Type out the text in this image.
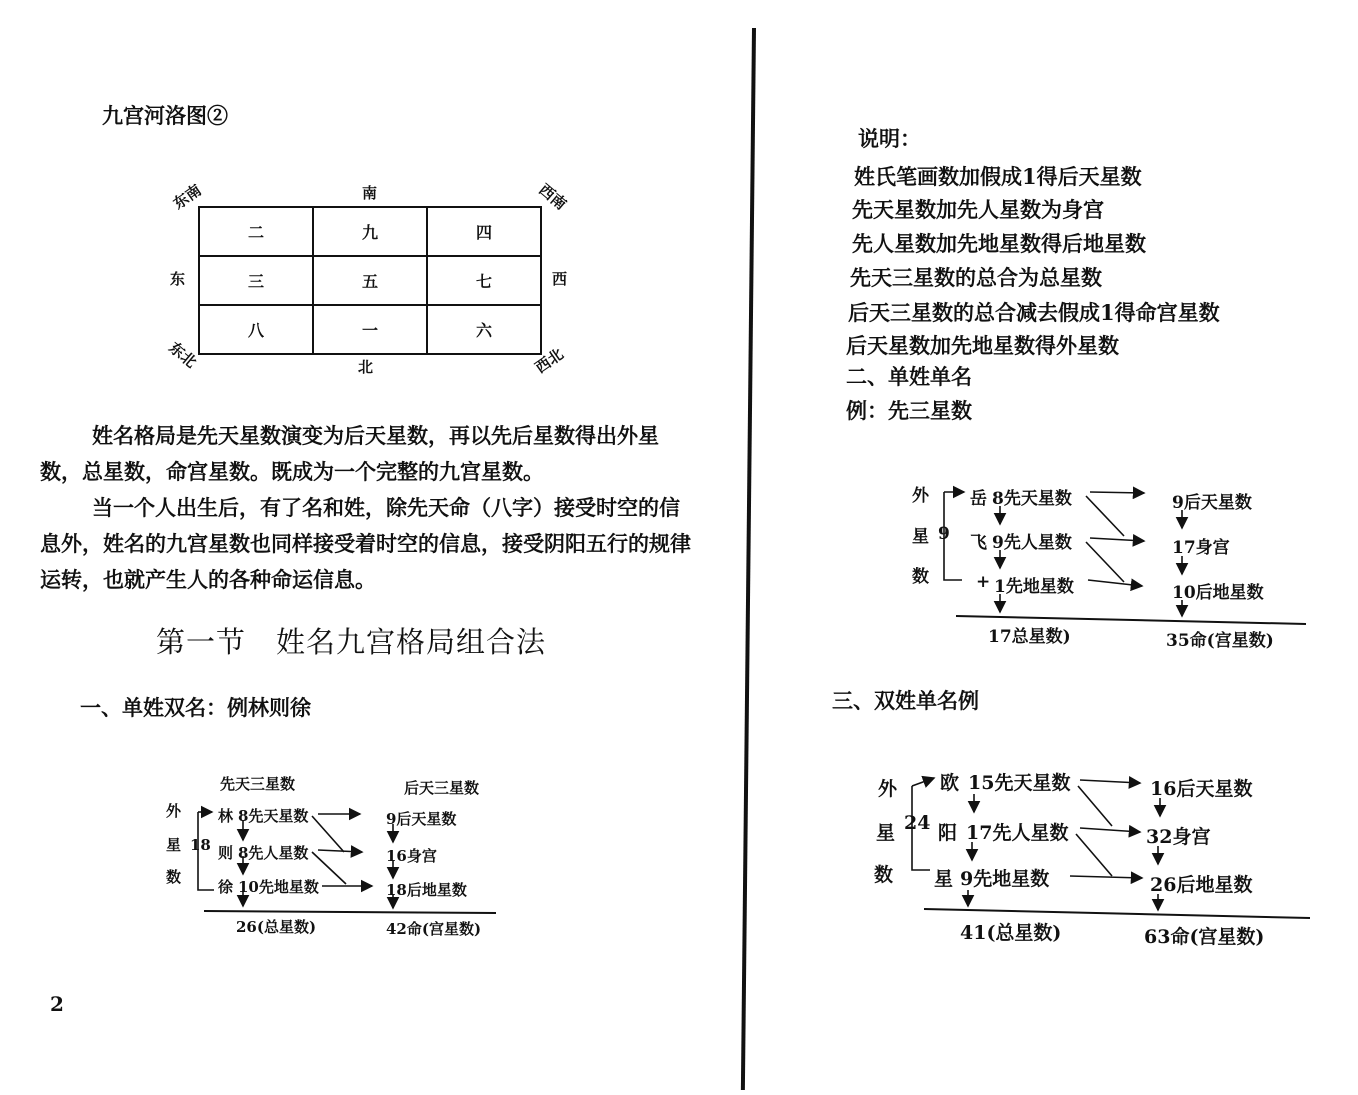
九宫河洛图②
东南	南	西南
东	西
东北	北	西北
二	九	四
三	五	七
八	一	六
姓名格局是先天星数演变为后天星数，再以先后星数得出外星数，总星数，命宫星数。既成为一个完整的九宫星数。
当一个人出生后，有了名和姓，除先天命（八字）接受时空的信息外，姓名的九宫星数也同样接受着时空的信息，接受阴阳五行的规律运转，也就产生人的各种命运信息。
第一节　姓名九宫格局组合法
一、单姓双名：例林则徐
先天三星数	后天三星数
外
星
数
18
林 8先天星数	9后天星数
则 8先人星数	16身宫
徐 10先地星数	18后地星数
26(总星数)	42命(宫星数)
2
说明：
姓氏笔画数加假成1得后天星数
先天星数加先人星数为身宫
先人星数加先地星数得后地星数
先天三星数的总合为总星数
后天三星数的总合减去假成1得命宫星数
后天星数加先地星数得外星数
二、单姓单名
例：先三星数
外
星
数
9
岳 8先天星数	9后天星数
飞 9先人星数	17身宫
+ 1先地星数	10后地星数
17总星数)	35命(宫星数)
三、双姓单名例
外
星
数
24
欧 15先天星数	16后天星数
阳 17先人星数	32身宫
星 9先地星数	26后地星数
41(总星数)	63命(宫星数)
